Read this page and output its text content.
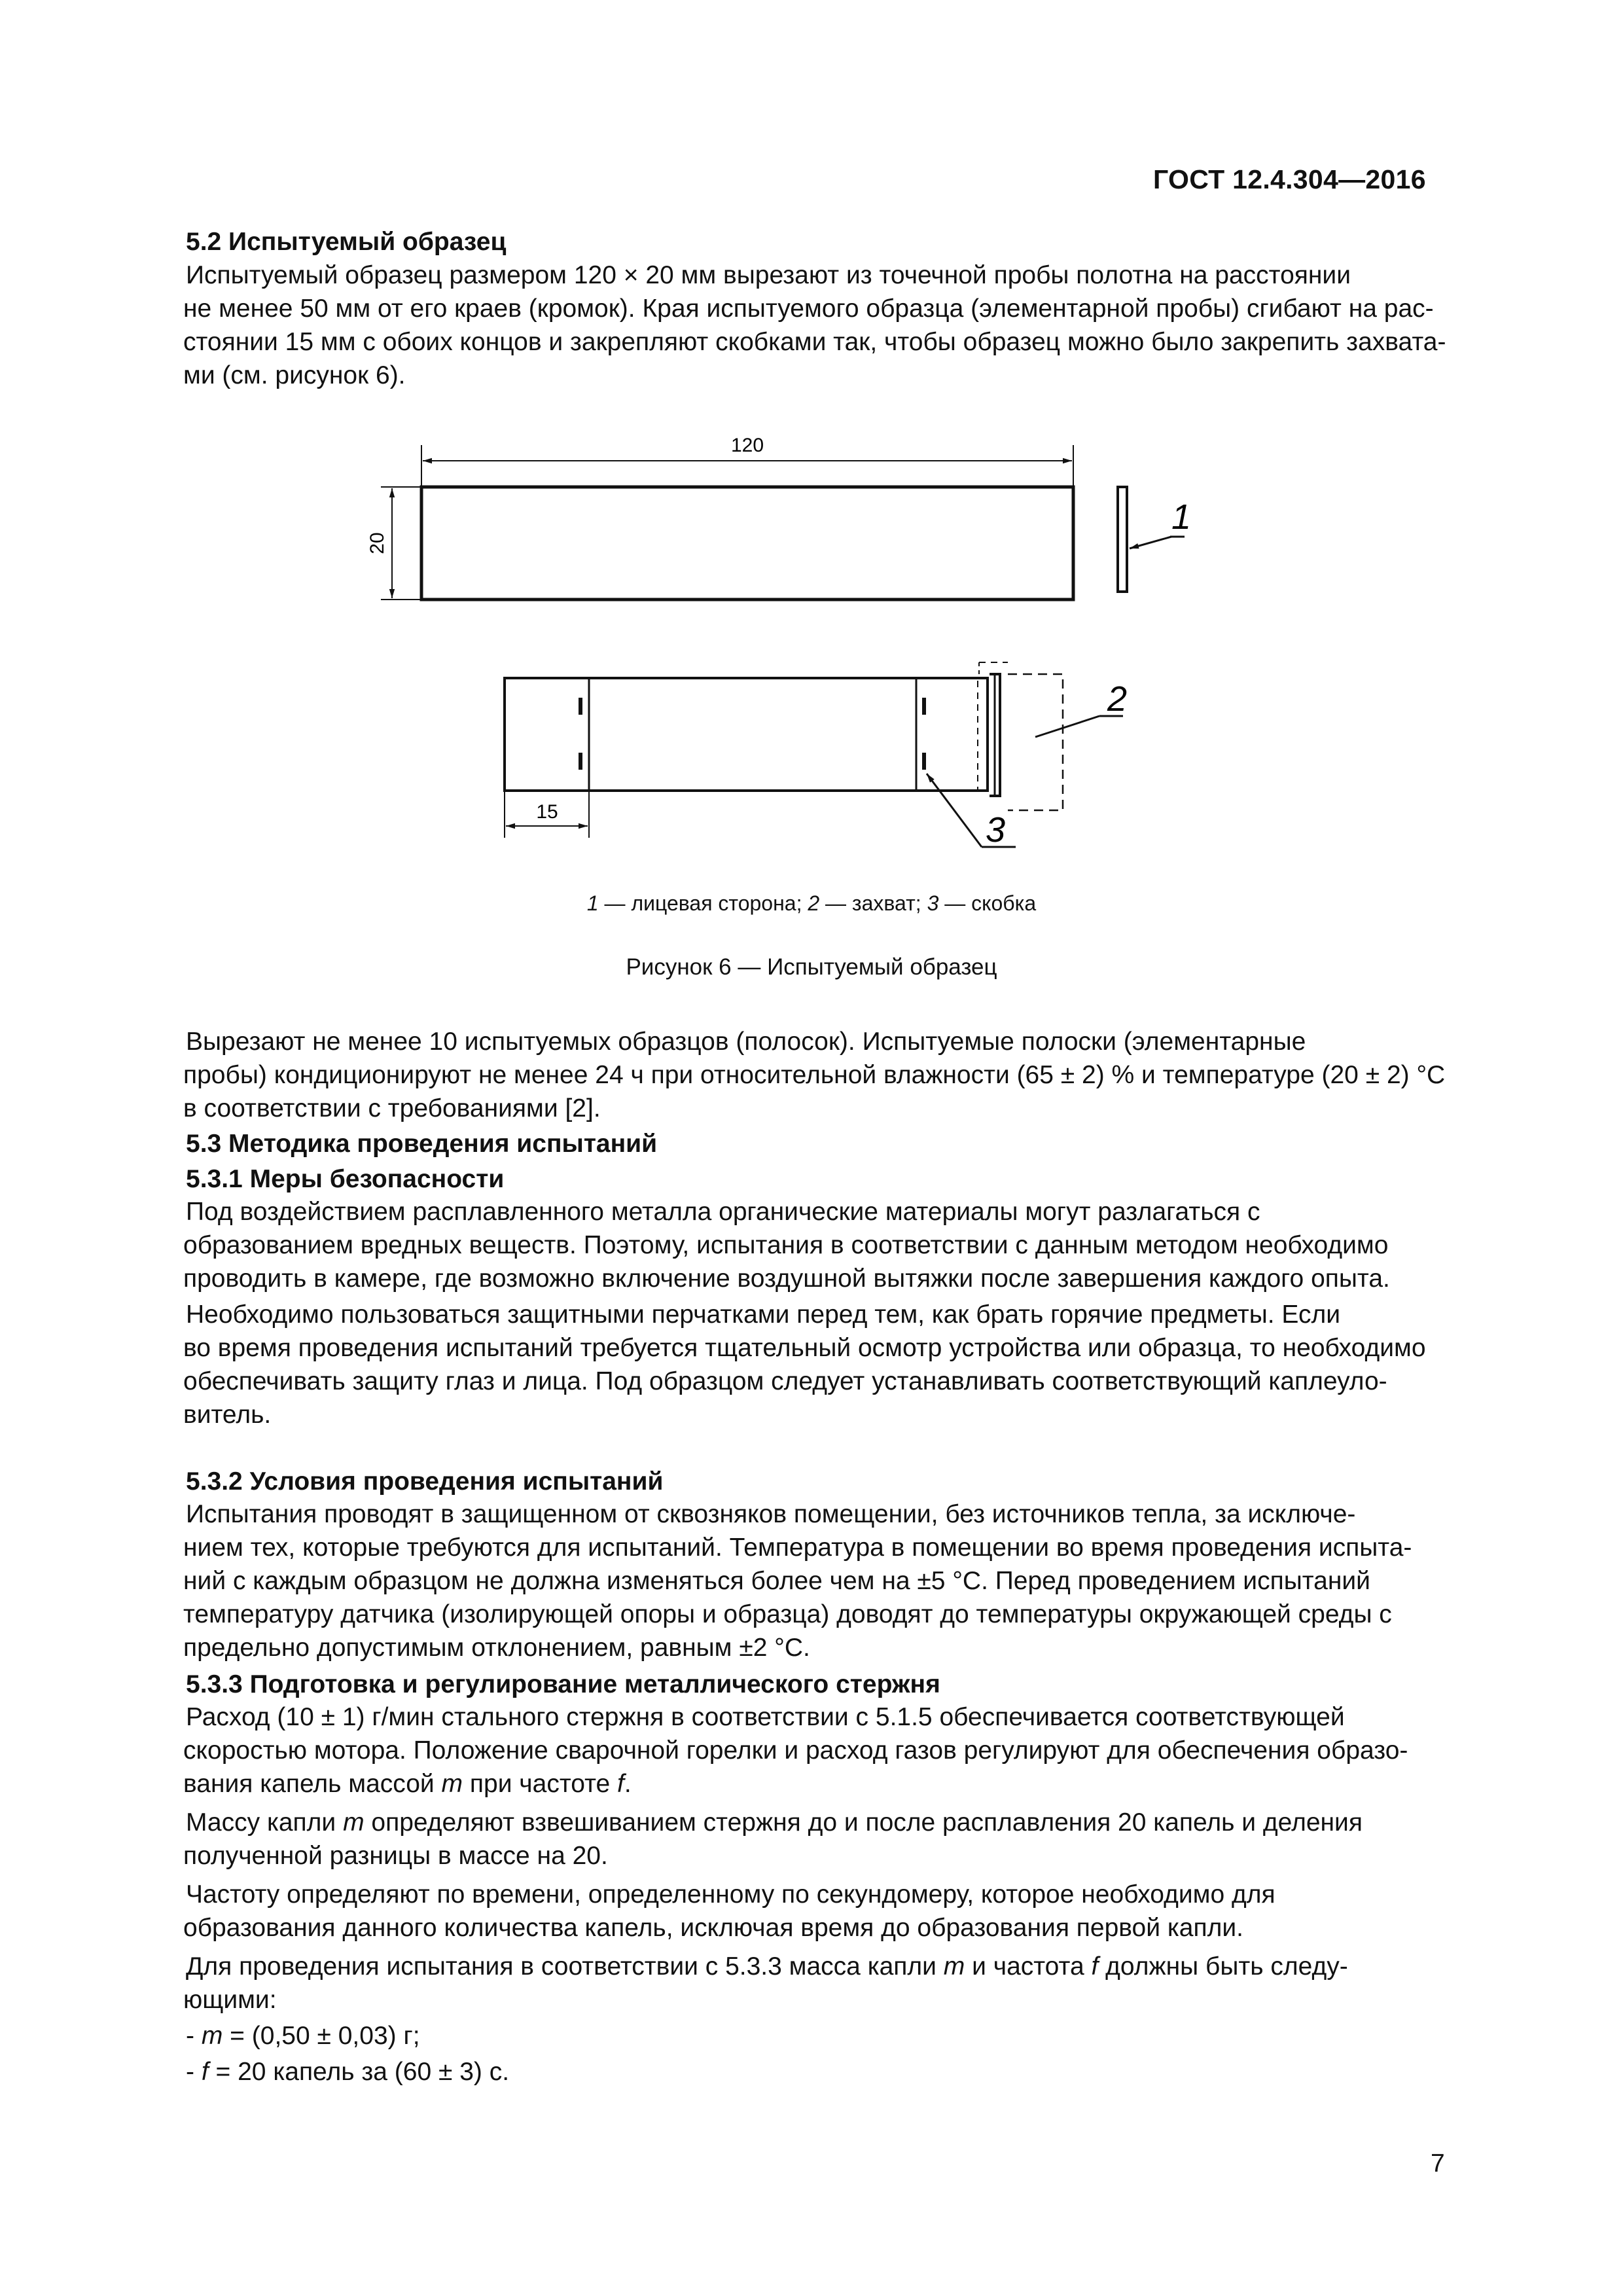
ГОСТ 12.4.304—2016
5.2 Испытуемый образец
Испытуемый образец размером 120 × 20 мм вырезают из точечной пробы полотна на расстоянии
не менее 50 мм от его краев (кромок). Края испытуемого образца (элементарной пробы) сгибают на рас-
стоянии 15 мм с обоих концов и закрепляют скобками так, чтобы образец можно было закрепить захвата-
ми (см. рисунок 6).
120
20
1
15
2
3
1 — лицевая сторона; 2 — захват; 3 — скобка
Рисунок 6 — Испытуемый образец
Вырезают не менее 10 испытуемых образцов (полосок). Испытуемые полоски (элементарные
пробы) кондиционируют не менее 24 ч при относительной влажности (65 ± 2) % и температуре (20 ± 2) °С
в соответствии с требованиями [2].
5.3 Методика проведения испытаний
5.3.1 Меры безопасности
Под воздействием расплавленного металла органические материалы могут разлагаться с
образованием вредных веществ. Поэтому, испытания в соответствии с данным методом необходимо
проводить в камере, где возможно включение воздушной вытяжки после завершения каждого опыта.
Необходимо пользоваться защитными перчатками перед тем, как брать горячие предметы. Если
во время проведения испытаний требуется тщательный осмотр устройства или образца, то необходимо
обеспечивать защиту глаз и лица. Под образцом следует устанавливать соответствующий каплеуло-
витель.
5.3.2 Условия проведения испытаний
Испытания проводят в защищенном от сквозняков помещении, без источников тепла, за исключе-
нием тех, которые требуются для испытаний. Температура в помещении во время проведения испыта-
ний с каждым образцом не должна изменяться более чем на ±5 °С. Перед проведением испытаний
температуру датчика (изолирующей опоры и образца) доводят до температуры окружающей среды с
предельно допустимым отклонением, равным ±2 °С.
5.3.3 Подготовка и регулирование металлического стержня
Расход (10 ± 1) г/мин стального стержня в соответствии с 5.1.5 обеспечивается соответствующей
скоростью мотора. Положение сварочной горелки и расход газов регулируют для обеспечения образо-
вания капель массой m при частоте f.
Массу капли m определяют взвешиванием стержня до и после расплавления 20 капель и деления
полученной разницы в массе на 20.
Частоту определяют по времени, определенному по секундомеру, которое необходимо для
образования данного количества капель, исключая время до образования первой капли.
Для проведения испытания в соответствии с 5.3.3 масса капли m и частота f должны быть следу-
ющими:
- m = (0,50 ± 0,03) г;
- f = 20 капель за (60 ± 3) с.
7
